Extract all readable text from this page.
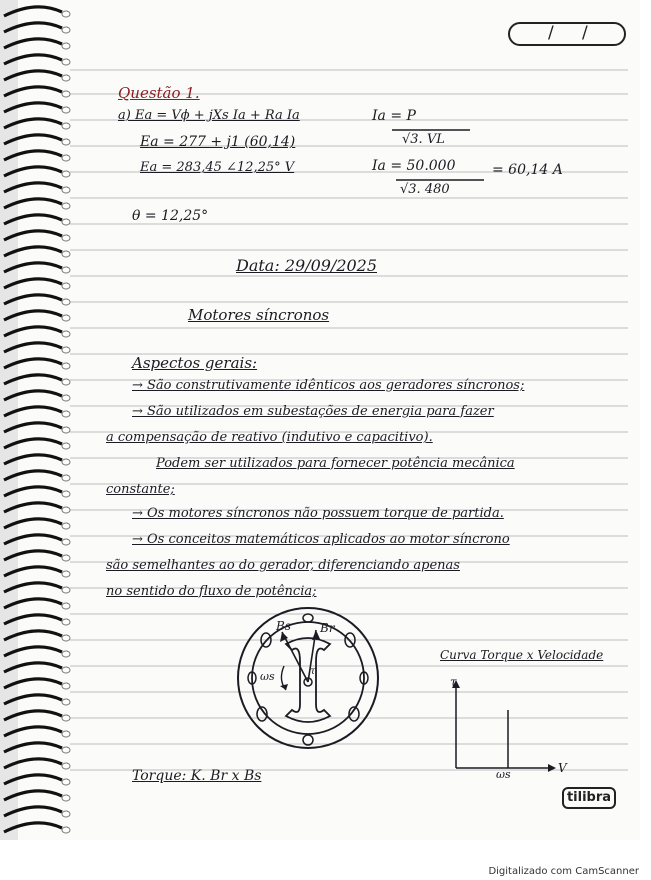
/ /
Questão 1.
a) Ea = Vϕ + jXs Ia + Ra Ia
Ea = 277 + j1 (60,14)
Ea = 283,45 ∠12,25° V
Ia = P
√3. VL
Ia = 50.000	= 60,14 A
√3. 480
θ = 12,25°
Data: 29/09/2025
Motores síncronos
Aspectos gerais:
→ São construtivamente idênticos aos geradores síncronos;
→ São utilizados em subestações de energia para fazer
a compensação de reativo (indutivo e capacitivo).
Podem ser utilizados para fornecer potência mecânica
constante;
→ Os motores síncronos não possuem torque de partida.
→ Os conceitos matemáticos aplicados ao motor síncrono
são semelhantes ao do gerador, diferenciando apenas
no sentido do fluxo de potência;
Bs Br
ωs	τ
Curva Torque x Velocidade
τ
ωs	V
Torque: K. Br x Bs
tilibra
Digitalizado com CamScanner
